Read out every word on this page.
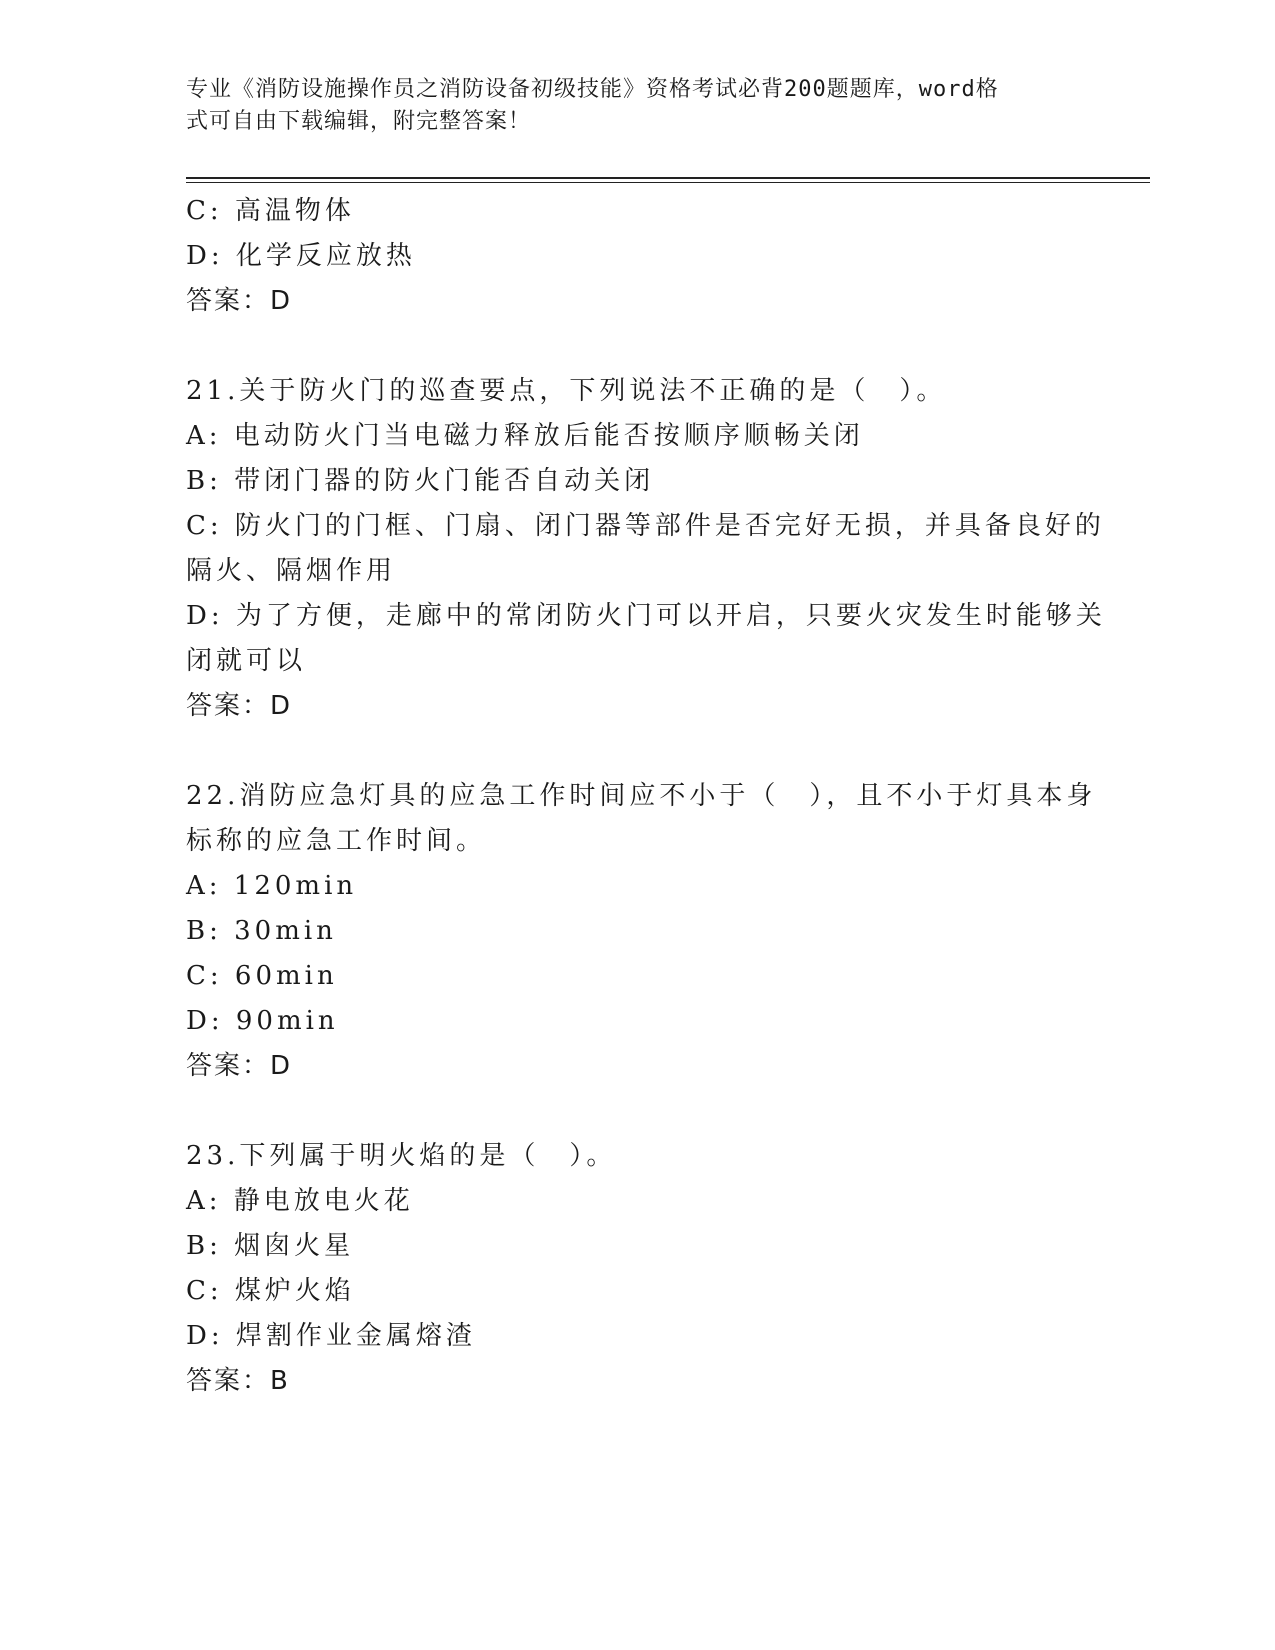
专业《消防设施操作员之消防设备初级技能》资格考试必背200题题库，word格
式可自由下载编辑，附完整答案！
C: 高温物体
D: 化学反应放热
答案：D
21.关于防火门的巡查要点，下列说法不正确的是（　）。
A: 电动防火门当电磁力释放后能否按顺序顺畅关闭
B: 带闭门器的防火门能否自动关闭
C: 防火门的门框、门扇、闭门器等部件是否完好无损，并具备良好的
隔火、隔烟作用
D: 为了方便，走廊中的常闭防火门可以开启，只要火灾发生时能够关
闭就可以
答案：D
22.消防应急灯具的应急工作时间应不小于（　），且不小于灯具本身
标称的应急工作时间。
A: 120min
B: 30min
C: 60min
D: 90min
答案：D
23.下列属于明火焰的是（　）。
A: 静电放电火花
B: 烟囱火星
C: 煤炉火焰
D: 焊割作业金属熔渣
答案：B
